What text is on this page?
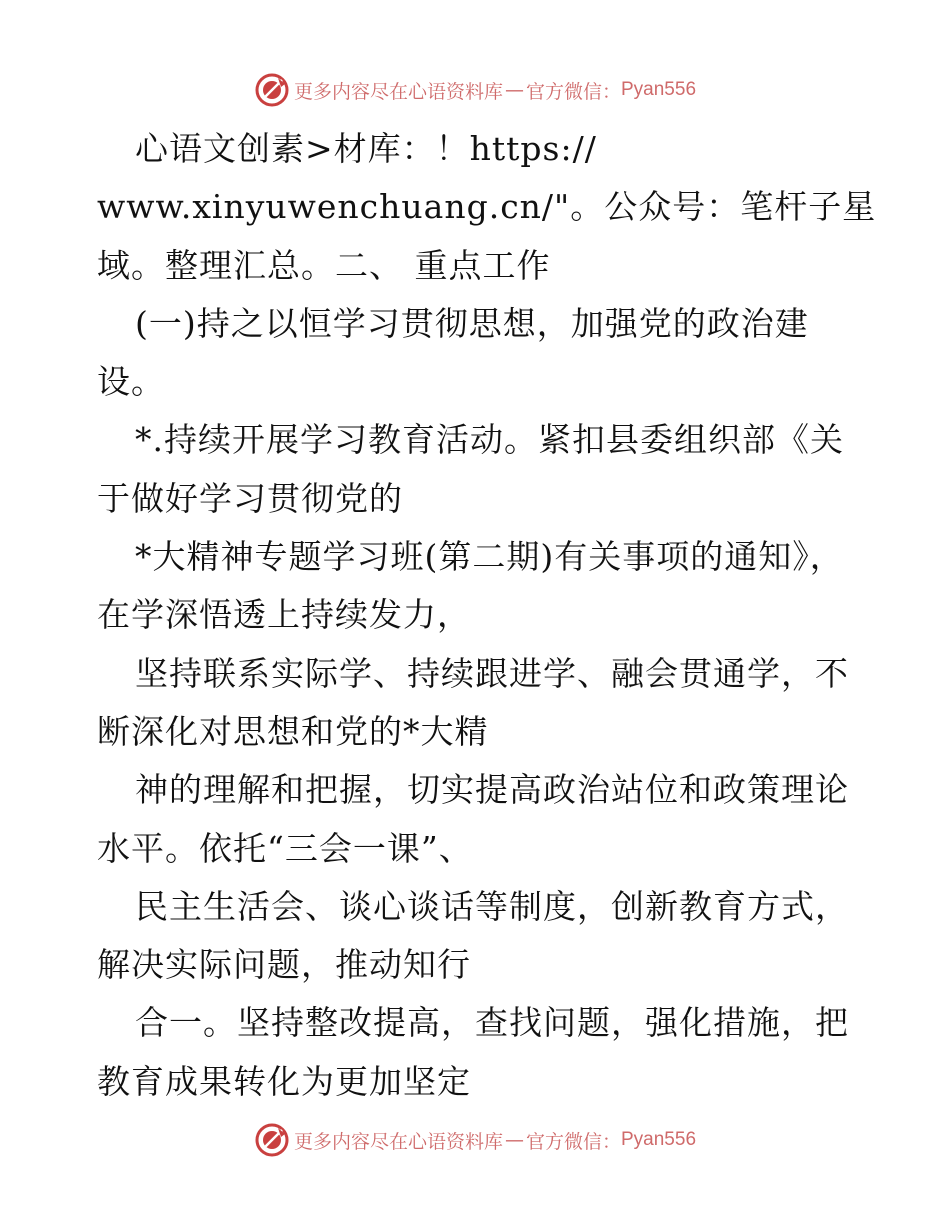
更多内容尽在心语资料库 — 官方微信： Pyan556
心语文创素>材库：！https://
www.xinyuwenchuang.cn/"。公众号：笔杆子星
域。整理汇总。二、 重点工作
(一)持之以恒学习贯彻思想，加强党的政治建
设。
*.持续开展学习教育活动。紧扣县委组织部《关
于做好学习贯彻党的
*大精神专题学习班(第二期)有关事项的通知》，
在学深悟透上持续发力，
坚持联系实际学、持续跟进学、融会贯通学，不
断深化对思想和党的*大精
神的理解和把握，切实提高政治站位和政策理论
水平。依托“三会一课”、
民主生活会、谈心谈话等制度，创新教育方式，
解决实际问题，推动知行
合一。坚持整改提高，查找问题，强化措施，把
教育成果转化为更加坚定
更多内容尽在心语资料库 — 官方微信： Pyan556
